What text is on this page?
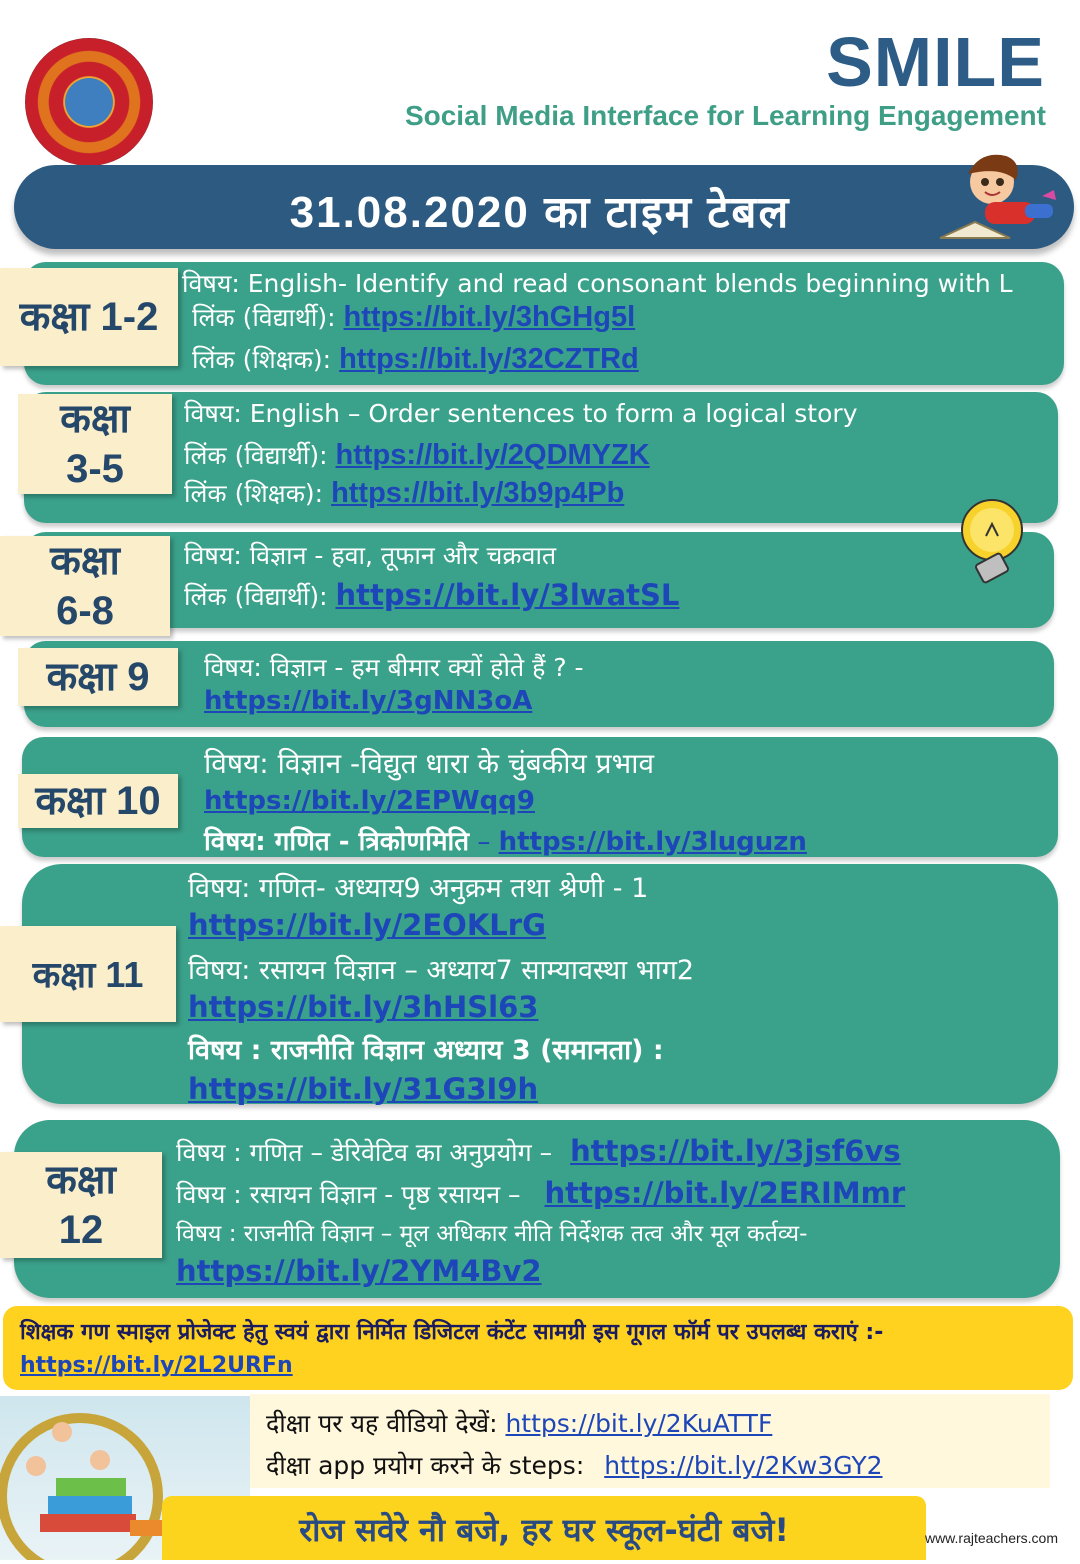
SMILE
Social Media Interface for Learning Engagement
31.08.2020 का टाइम टेबल
कक्षा 1-2
विषय: English- Identify and read consonant blends beginning with L
लिंक (विद्यार्थी): https://bit.ly/3hGHg5l
लिंक (शिक्षक): https://bit.ly/32CZTRd
कक्षा 3-5
विषय: English – Order sentences to form a logical story
लिंक (विद्यार्थी): https://bit.ly/2QDMYZK
लिंक (शिक्षक): https://bit.ly/3b9p4Pb
कक्षा 6-8
विषय: विज्ञान - हवा, तूफान और चक्रवात
लिंक (विद्यार्थी): https://bit.ly/3lwatSL
कक्षा 9	विषय: विज्ञान - हम बीमार क्यों होते हैं ? -
https://bit.ly/3gNN3oA
कक्षा 10
विषय: विज्ञान -विद्युत धारा के चुंबकीय प्रभाव
https://bit.ly/2EPWqq9
विषय: गणित - त्रिकोणमिति – https://bit.ly/3luguzn
कक्षा 11
विषय: गणित- अध्याय9 अनुक्रम तथा श्रेणी - 1
https://bit.ly/2EOKLrG
विषय: रसायन विज्ञान – अध्याय7 साम्यावस्था भाग2
https://bit.ly/3hHSl63
विषय : राजनीति विज्ञान अध्याय 3 (समानता) :
https://bit.ly/31G3I9h
कक्षा 12
विषय : गणित – डेरिवेटिव का अनुप्रयोग – https://bit.ly/3jsf6vs
विषय : रसायन विज्ञान - पृष्ठ रसायन – https://bit.ly/2ERIMmr
विषय : राजनीति विज्ञान – मूल अधिकार नीति निर्देशक तत्व और मूल कर्तव्य-
https://bit.ly/2YM4Bv2
शिक्षक गण स्माइल प्रोजेक्ट हेतु स्वयं द्वारा निर्मित डिजिटल कंटेंट सामग्री इस गूगल फॉर्म पर उपलब्ध कराएं :- https://bit.ly/2L2URFn
दीक्षा पर यह वीडियो देखें: https://bit.ly/2KuATTF
दीक्षा app प्रयोग करने के steps: https://bit.ly/2Kw3GY2
रोज सवेरे नौ बजे, हर घर स्कूल-घंटी बजे!	www.rajteachers.com
